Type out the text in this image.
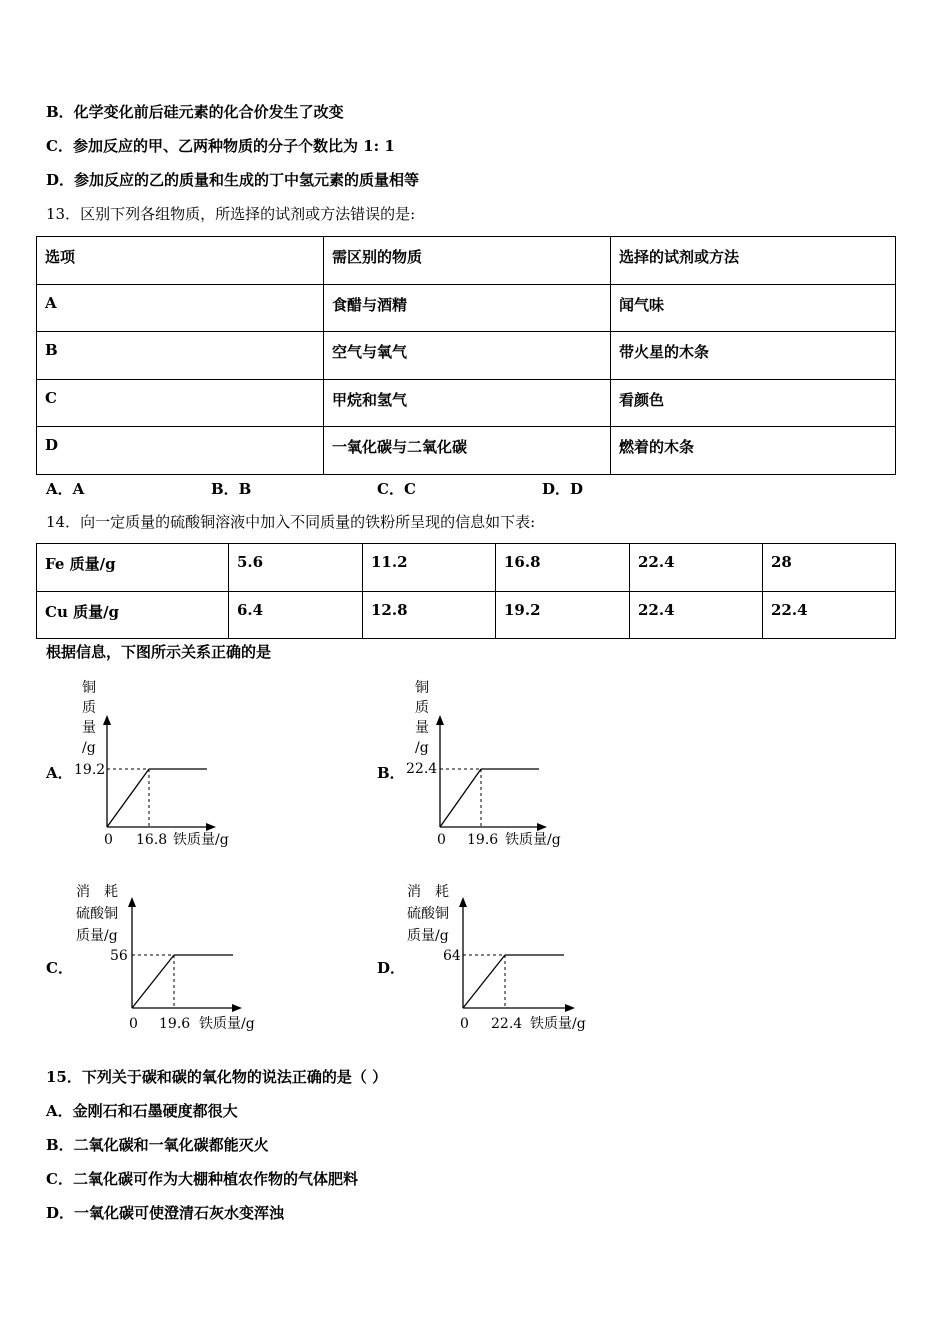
B．化学变化前后硅元素的化合价发生了改变
C．参加反应的甲、乙两种物质的分子个数比为 1: 1
D．参加反应的乙的质量和生成的丁中氢元素的质量相等
13．区别下列各组物质，所选择的试剂或方法错误的是:
选项	需区别的物质	选择的试剂或方法
A	食醋与酒精	闻气味
B	空气与氧气	带火星的木条
C	甲烷和氢气	看颜色
D	一氧化碳与二氧化碳	燃着的木条
A．A	B．B	C．C	D．D
14．向一定质量的硫酸铜溶液中加入不同质量的铁粉所呈现的信息如下表:
Fe 质量/g	5.6	11.2	16.8	22.4	28
Cu 质量/g	6.4	12.8	19.2	22.4	22.4
根据信息，下图所示关系正确的是
A．
铜
质
量
/g
19.2
0 16.8 铁质量/g
B．
铜
质
量
/g
22.4
0 19.6 铁质量/g
C．
消　耗
硫酸铜
质量/g
56
0 19.6 铁质量/g
D．
消　耗
硫酸铜
质量/g
64
0 22.4 铁质量/g
15．下列关于碳和碳的氧化物的说法正确的是（ ）
A．金刚石和石墨硬度都很大
B．二氧化碳和一氧化碳都能灭火
C．二氧化碳可作为大棚种植农作物的气体肥料
D．一氧化碳可使澄清石灰水变浑浊
